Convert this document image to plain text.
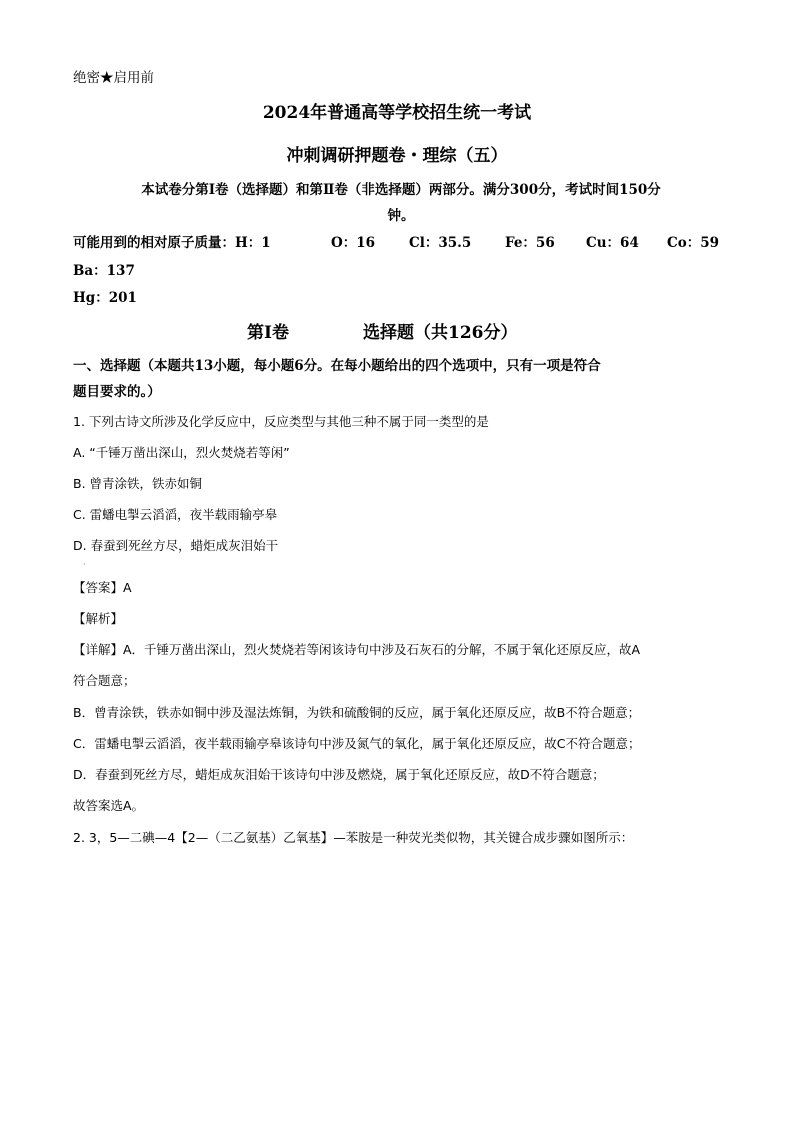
绝密★启用前
2024年普通高等学校招生统一考试
冲刺调研押题卷・理综（五）
本试卷分第Ⅰ卷（选择题）和第Ⅱ卷（非选择题）两部分。满分300分，考试时间150分
钟。
可能用到的相对原子质量：H：1	O：16	Cl：35.5 Fe：56 Cu：64 Co：59
Ba：137
Hg：201
第Ⅰ卷	选择题（共126分）
一、选择题（本题共13小题，每小题6分。在每小题给出的四个选项中，只有一项是符合
题目要求的。）
1. 下列古诗文所涉及化学反应中，反应类型与其他三种不属于同一类型的是
A. “千锤万凿出深山，烈火焚烧若等闲”
B. 曾青涂铁，铁赤如铜
C. 雷蟠电掣云滔滔，夜半载雨输亭皋
D. 春蚕到死丝方尽，蜡炬成灰泪始干
·
【答案】A
【解析】
【详解】A．千锤万凿出深山，烈火焚烧若等闲该诗句中涉及石灰石的分解，不属于氧化还原反应，故A
符合题意；
B．曾青涂铁，铁赤如铜中涉及湿法炼铜，为铁和硫酸铜的反应，属于氧化还原反应，故B不符合题意；
C．雷蟠电掣云滔滔，夜半载雨输亭皋该诗句中涉及氮气的氧化，属于氧化还原反应，故C不符合题意；
D．春蚕到死丝方尽，蜡炬成灰泪始干该诗句中涉及燃烧，属于氧化还原反应，故D不符合题意；
故答案选A。
2. 3，5—二碘—4【2—（二乙氨基）乙氧基】—苯胺是一种荧光类似物，其关键合成步骤如图所示：
